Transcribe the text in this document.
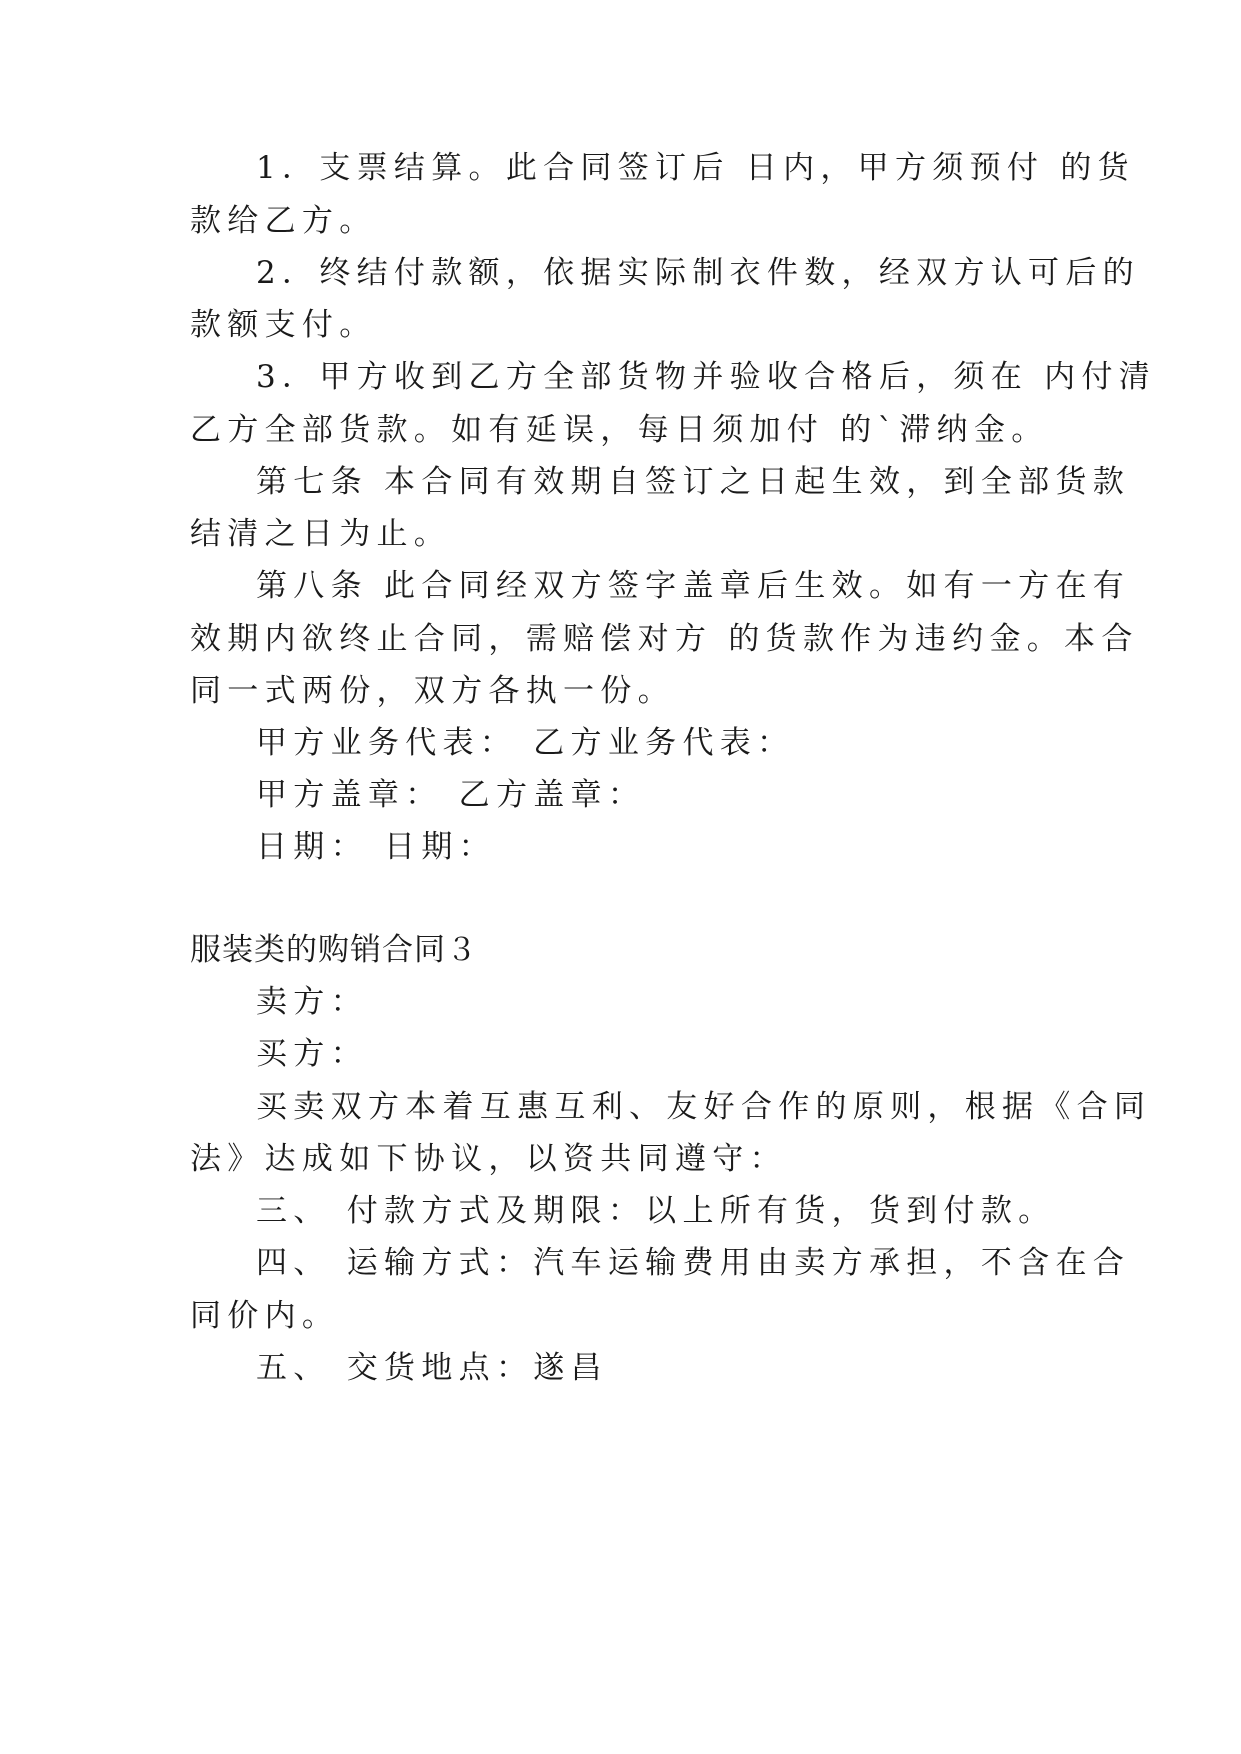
1．支票结算。此合同签订后 日内，甲方须预付 的货
款给乙方。
2．终结付款额，依据实际制衣件数，经双方认可后的
款额支付。
3．甲方收到乙方全部货物并验收合格后，须在 内付清
乙方全部货款。如有延误，每日须加付 的`滞纳金。
第七条 本合同有效期自签订之日起生效，到全部货款
结清之日为止。
第八条 此合同经双方签字盖章后生效。如有一方在有
效期内欲终止合同，需赔偿对方 的货款作为违约金。本合
同一式两份，双方各执一份。
甲方业务代表： 乙方业务代表：
甲方盖章： 乙方盖章：
日期： 日期：
服装类的购销合同３
卖方：
买方：
买卖双方本着互惠互利、友好合作的原则，根据《合同
法》达成如下协议，以资共同遵守：
三、 付款方式及期限：以上所有货，货到付款。
四、 运输方式：汽车运输费用由卖方承担，不含在合
同价内。
五、 交货地点：遂昌
